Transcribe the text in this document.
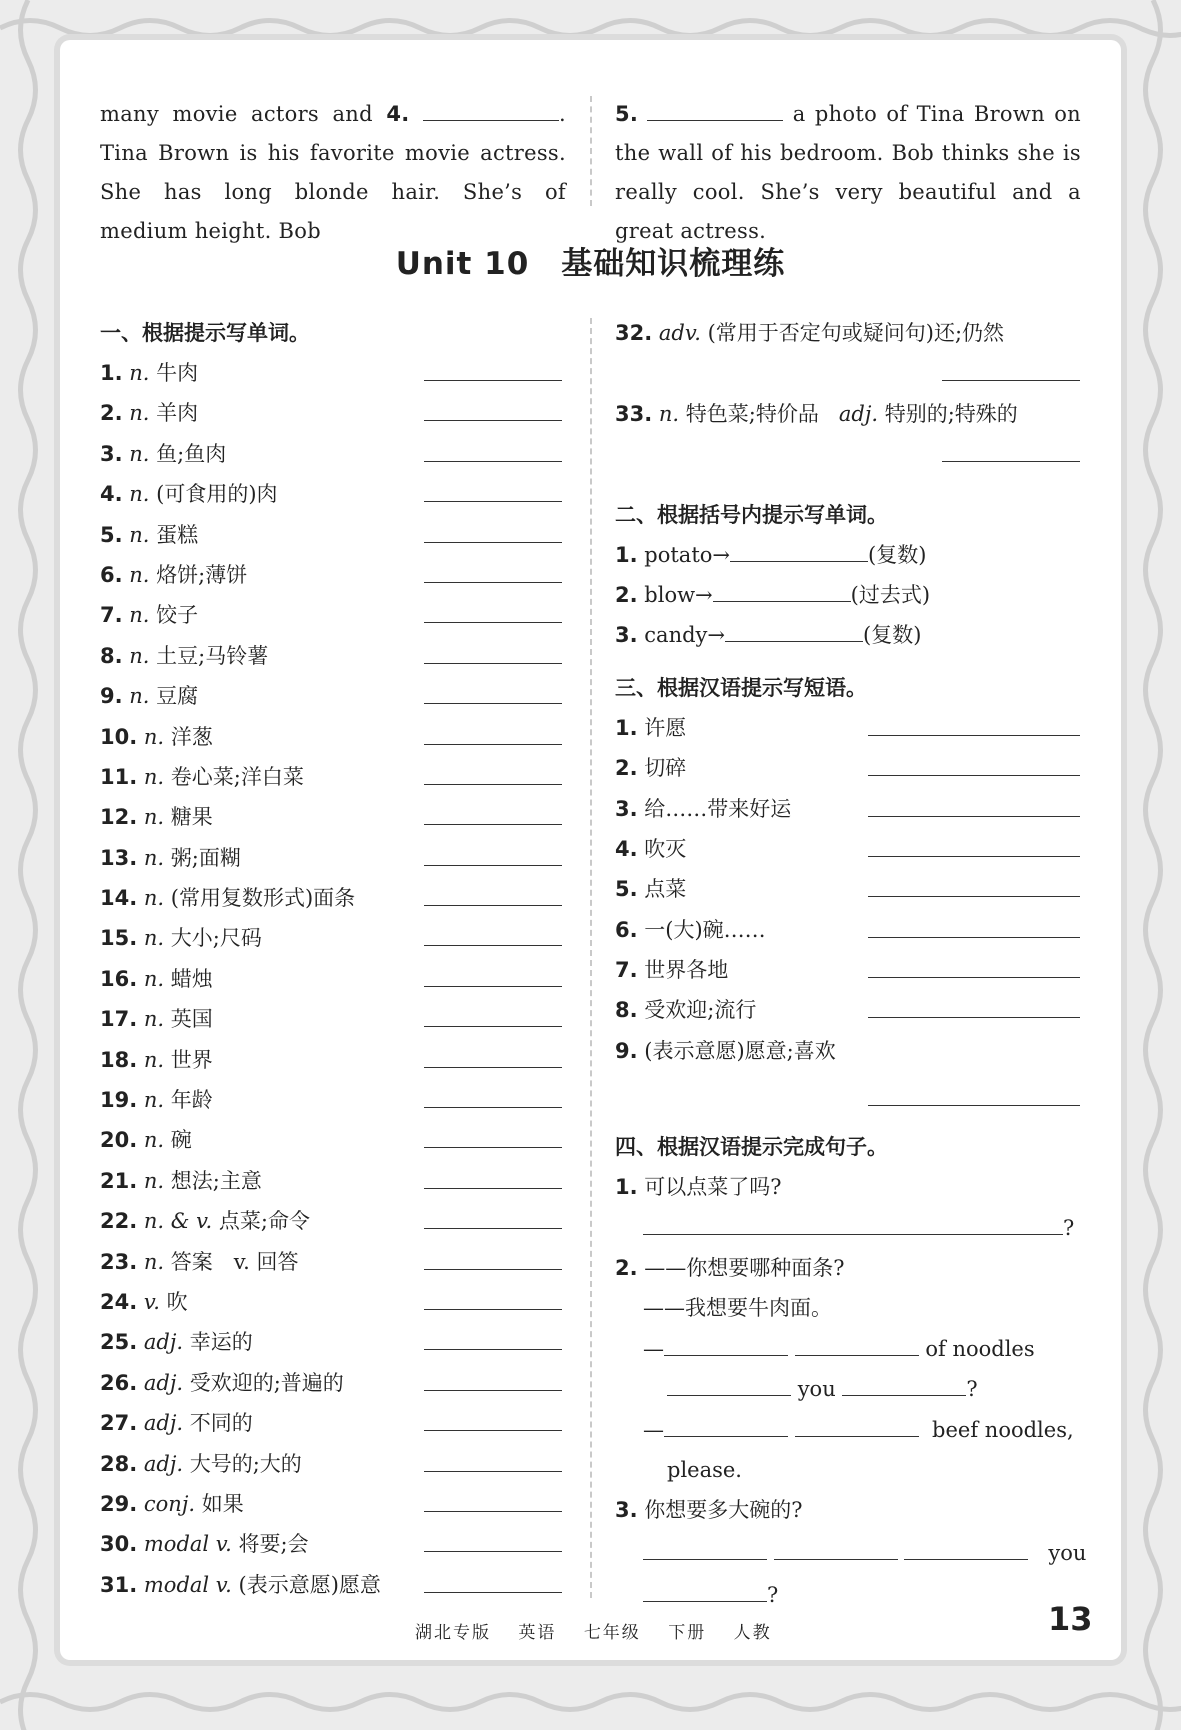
many movie actors and 4.	. Tina Brown is his favorite movie actress. She has long blonde hair. She’s of medium height. Bob
5.	a photo of Tina Brown on the wall of his bedroom. Bob thinks she is really cool. She’s very beautiful and a great actress.
Unit 10　基础知识梳理练
一、根据提示写单词。
1. n. 牛肉
2. n. 羊肉
3. n. 鱼;鱼肉
4. n. (可食用的)肉
5. n. 蛋糕
6. n. 烙饼;薄饼
7. n. 饺子
8. n. 土豆;马铃薯
9. n. 豆腐
10. n. 洋葱
11. n. 卷心菜;洋白菜
12. n. 糖果
13. n. 粥;面糊
14. n. (常用复数形式)面条
15. n. 大小;尺码
16. n. 蜡烛
17. n. 英国
18. n. 世界
19. n. 年龄
20. n. 碗
21. n. 想法;主意
22. n. & v. 点菜;命令
23. n. 答案　v. 回答
24. v. 吹
25. adj. 幸运的
26. adj. 受欢迎的;普遍的
27. adj. 不同的
28. adj. 大号的;大的
29. conj. 如果
30. modal v. 将要;会
31. modal v. (表示意愿)愿意
32. adv. (常用于否定句或疑问句)还;仍然
33. n. 特色菜;特价品 adj. 特别的;特殊的
二、根据括号内提示写单词。
1. potato→	(复数)
2. blow→	(过去式)
3. candy→	(复数)
三、根据汉语提示写短语。
1. 许愿
2. 切碎
3. 给……带来好运
4. 吹灭
5. 点菜
6. 一(大)碗……
7. 世界各地
8. 受欢迎;流行
9. (表示意愿)愿意;喜欢
四、根据汉语提示完成句子。
1. 可以点菜了吗?
?
2. ——你想要哪种面条?
——我想要牛肉面。
—	of noodles
you	?
—	beef noodles,
please.
3. 你想要多大碗的?
you
?
湖北专版 英语 七年级 下册 人教	13
